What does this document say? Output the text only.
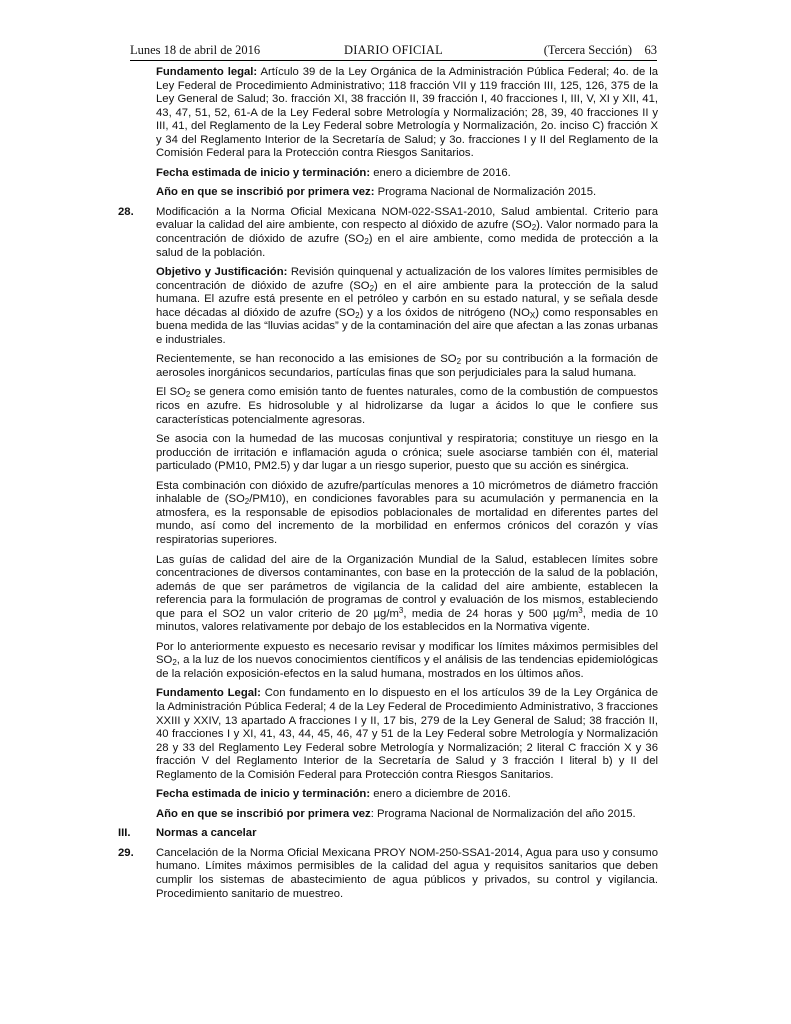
Lunes 18 de abril de 2016	DIARIO OFICIAL	(Tercera Sección) 63

Fundamento legal: Artículo 39 de la Ley Orgánica de la Administración Pública Federal; 4o. de la Ley Federal de Procedimiento Administrativo; 118 fracción VII y 119 fracción III, 125, 126, 375 de la Ley General de Salud; 3o. fracción XI, 38 fracción II, 39 fracción I, 40 fracciones I, III, V, XI y XII, 41, 43, 47, 51, 52, 61-A de la Ley Federal sobre Metrología y Normalización; 28, 39, 40 fracciones II y III, 41, del Reglamento de la Ley Federal sobre Metrología y Normalización, 2o. inciso C) fracción X y 34 del Reglamento Interior de la Secretaría de Salud; y 3o. fracciones I y II del Reglamento de la Comisión Federal para la Protección contra Riesgos Sanitarios.

Fecha estimada de inicio y terminación: enero a diciembre de 2016.

Año en que se inscribió por primera vez: Programa Nacional de Normalización 2015.

28. Modificación a la Norma Oficial Mexicana NOM-022-SSA1-2010, Salud ambiental. Criterio para evaluar la calidad del aire ambiente, con respecto al dióxido de azufre $(SO_2)$. Valor normado para la concentración de dióxido de azufre $(SO_2)$ en el aire ambiente, como medida de protección a la salud de la población.

Objetivo y Justificación: Revisión quinquenal y actualización de los valores límites permisibles de concentración de dióxido de azufre $(SO_2)$ en el aire ambiente para la protección de la salud humana. El azufre está presente en el petróleo y carbón en su estado natural, y se señala desde hace décadas al dióxido de azufre $(SO_2)$ y a los óxidos de nitrógeno $(NO_X)$ como responsables en buena medida de las “lluvias acidas” y de la contaminación del aire que afectan a las zonas urbanas e industriales.

Recientemente, se han reconocido a las emisiones de $SO_2$ por su contribución a la formación de aerosoles inorgánicos secundarios, partículas finas que son perjudiciales para la salud humana.

El $SO_2$ se genera como emisión tanto de fuentes naturales, como de la combustión de compuestos ricos en azufre. Es hidrosoluble y al hidrolizarse da lugar a ácidos lo que le confiere sus características potencialmente agresoras.

Se asocia con la humedad de las mucosas conjuntival y respiratoria; constituye un riesgo en la producción de irritación e inflamación aguda o crónica; suele asociarse también con él, material particulado (PM10, PM2.5) y dar lugar a un riesgo superior, puesto que su acción es sinérgica.

Esta combinación con dióxido de azufre/partículas menores a 10 micrómetros de diámetro fracción inhalable de $(SO_2/PM10)$, en condiciones favorables para su acumulación y permanencia en la atmosfera, es la responsable de episodios poblacionales de mortalidad en diferentes partes del mundo, así como del incremento de la morbilidad en enfermos crónicos del corazón y vías respiratorias superiores.

Las guías de calidad del aire de la Organización Mundial de la Salud, establecen límites sobre concentraciones de diversos contaminantes, con base en la protección de la salud de la población, además de que ser parámetros de vigilancia de la calidad del aire ambiente, establecen la referencia para la formulación de programas de control y evaluación de los mismos, estableciendo que para el SO2 un valor criterio de 20 $\mu g/m^3$, media de 24 horas y 500 $\mu g/m^3$, media de 10 minutos, valores relativamente por debajo de los establecidos en la Normativa vigente.

Por lo anteriormente expuesto es necesario revisar y modificar los límites máximos permisibles del $SO_2$, a la luz de los nuevos conocimientos científicos y el análisis de las tendencias epidemiológicas de la relación exposición-efectos en la salud humana, mostrados en los últimos años.

Fundamento Legal: Con fundamento en lo dispuesto en el los artículos 39 de la Ley Orgánica de la Administración Pública Federal; 4 de la Ley Federal de Procedimiento Administrativo, 3 fracciones XXIII y XXIV, 13 apartado A fracciones I y II, 17 bis, 279 de la Ley General de Salud; 38 fracción II, 40 fracciones I y XI, 41, 43, 44, 45, 46, 47 y 51 de la Ley Federal sobre Metrología y Normalización 28 y 33 del Reglamento Ley Federal sobre Metrología y Normalización; 2 literal C fracción X y 36 fracción V del Reglamento Interior de la Secretaría de Salud y 3 fracción I literal b) y II del Reglamento de la Comisión Federal para Protección contra Riesgos Sanitarios.

Fecha estimada de inicio y terminación: enero a diciembre de 2016.

Año en que se inscribió por primera vez: Programa Nacional de Normalización del año 2015.

III. Normas a cancelar
29. Cancelación de la Norma Oficial Mexicana PROY NOM-250-SSA1-2014, Agua para uso y consumo humano. Límites máximos permisibles de la calidad del agua y requisitos sanitarios que deben cumplir los sistemas de abastecimiento de agua públicos y privados, su control y vigilancia. Procedimiento sanitario de muestreo.
